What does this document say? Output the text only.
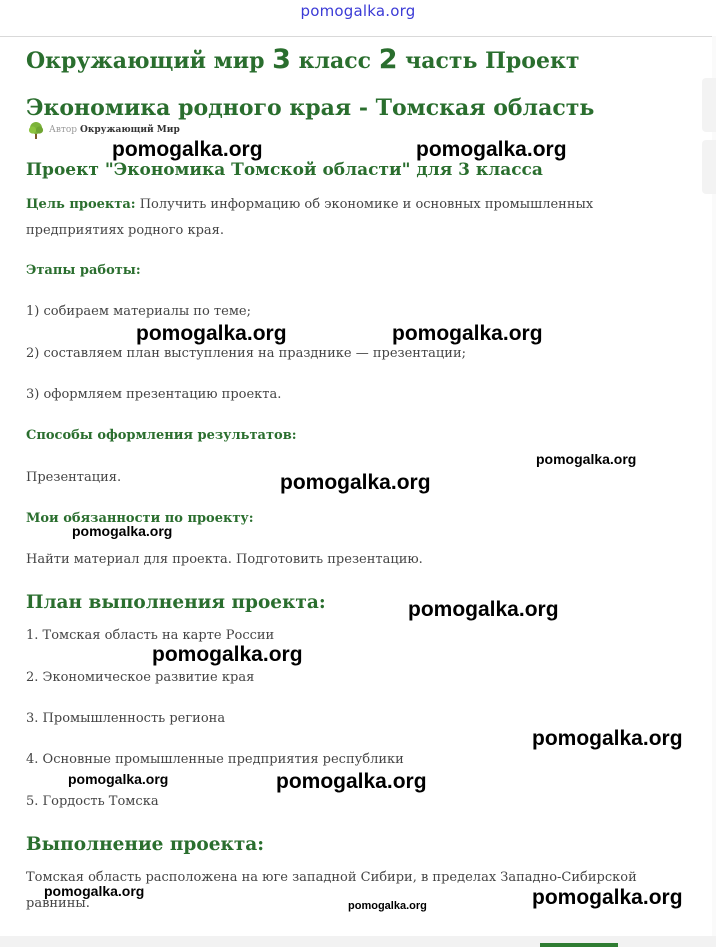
pomogalka.org
Окружающий мир 3 класс 2 часть Проект Экономика родного края - Томская область
Автор Окружающий Мир
Проект "Экономика Томской области" для 3 класса

Цель проекта: Получить информацию об экономике и основных промышленных предприятиях родного края.

Этапы работы:

1) собираем материалы по теме;

2) составляем план выступления на празднике — презентации;

3) оформляем презентацию проекта.

Способы оформления результатов:

Презентация.

Мои обязанности по проекту:

Найти материал для проекта. Подготовить презентацию.

План выполнения проекта:

1. Томская область на карте России

2. Экономическое развитие края

3. Промышленность региона

4. Основные промышленные предприятия республики

5. Гордость Томска

Выполнение проекта:

Томская область расположена на юге западной Сибири, в пределах Западно-Сибирской равнины.

pomogalka.org	pomogalka.org
pomogalka.org	pomogalka.org
pomogalka.org
pomogalka.org
pomogalka.org
pomogalka.org
pomogalka.org
pomogalka.org
pomogalka.org	pomogalka.org
pomogalka.org
pomogalka.org	pomogalka.org
